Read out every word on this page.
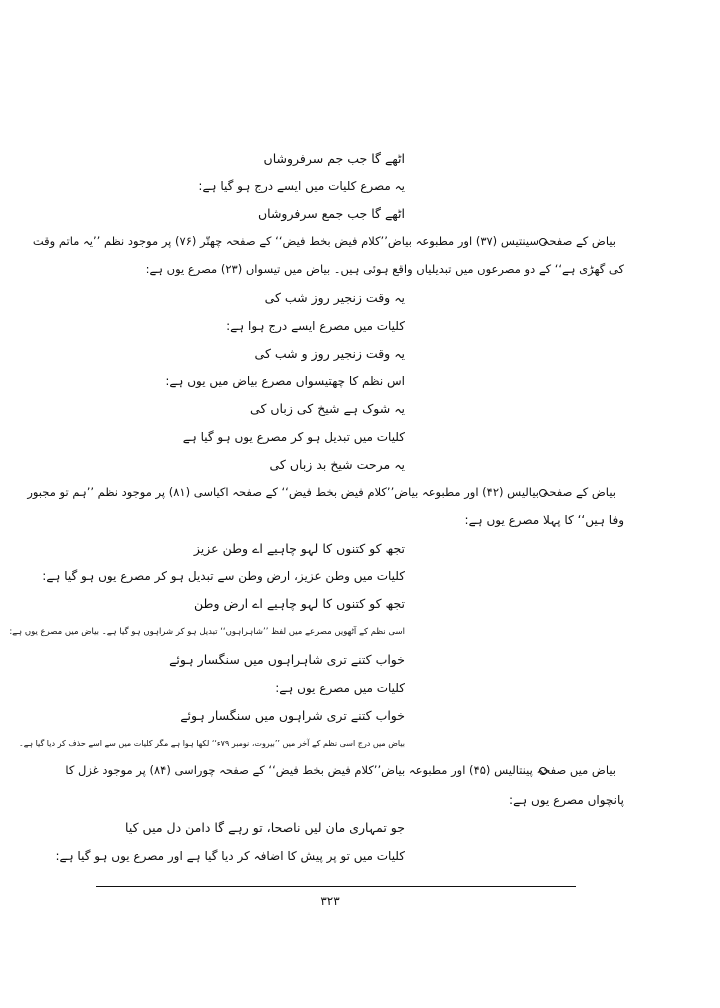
اٹھے گا جب جم سرفروشاں
یہ مصرع کلیات میں ایسے درج ہو گیا ہے:
اٹھے گا جب جمع سرفروشاں
بیاض کے صفحہ سینتیس (۳۷) اور مطبوعہ بیاض’’کلام فیض بخط فیض‘‘ کے صفحہ چھتّر (۷۶) پر موجود نظم ’’یہ ماتم وقت
کی گھڑی ہے‘‘ کے دو مصرعوں میں تبدیلیاں واقع ہوئی ہیں۔ بیاض میں تیسواں (۲۳) مصرع یوں ہے:
یہ وقت زنجیر روز شب کی
کلیات میں مصرع ایسے درج ہوا ہے:
یہ وقت زنجیر روز و شب کی
اس نظم کا چھتیسواں مصرع بیاض میں یوں ہے:
یہ شوک ہے شیخ کی زباں کی
کلیات میں تبدیل ہو کر مصرع یوں ہو گیا ہے
یہ مرحت شیخ بد زباں کی
بیاض کے صفحہ بیالیس (۴۲) اور مطبوعہ بیاض’’کلام فیض بخط فیض‘‘ کے صفحہ اکیاسی (۸۱) پر موجود نظم ’’ہم تو مجبور
وفا ہیں‘‘ کا پہلا مصرع یوں ہے:
تجھ کو کتنوں کا لہو چاہیے اے وطن عزیز
کلیات میں وطن عزیز، ارض وطن سے تبدیل ہو کر مصرع یوں ہو گیا ہے:
تجھ کو کتنوں کا لہو چاہیے اے ارض وطن
اسی نظم کے آٹھویں مصرعے میں لفظ ’’شاہراہوں‘‘ تبدیل ہو کر شراہوں ہو گیا ہے۔ بیاض میں مصرع یوں ہے:
خواب کتنے تری شاہراہوں میں سنگسار ہوئے
کلیات میں مصرع یوں ہے:
خواب کتنے تری شراہوں میں سنگسار ہوئے
بیاض میں درج اسی نظم کے آخر میں ’’بیروت، نومبر ۷۹ء‘‘ لکھا ہوا ہے مگر کلیات میں سے اسے حذف کر دیا گیا ہے۔
بیاض میں صفحہ پینتالیس (۴۵) اور مطبوعہ بیاض’’کلام فیض بخط فیض‘‘ کے صفحہ چوراسی (۸۴) پر موجود غزل کا
پانچواں مصرع یوں ہے:
جو تمہاری مان لیں ناصحا، تو رہے گا دامن دل میں کیا
کلیات میں تو پر پیش کا اضافہ کر دیا گیا ہے اور مصرع یوں ہو گیا ہے:
۳۲۳
